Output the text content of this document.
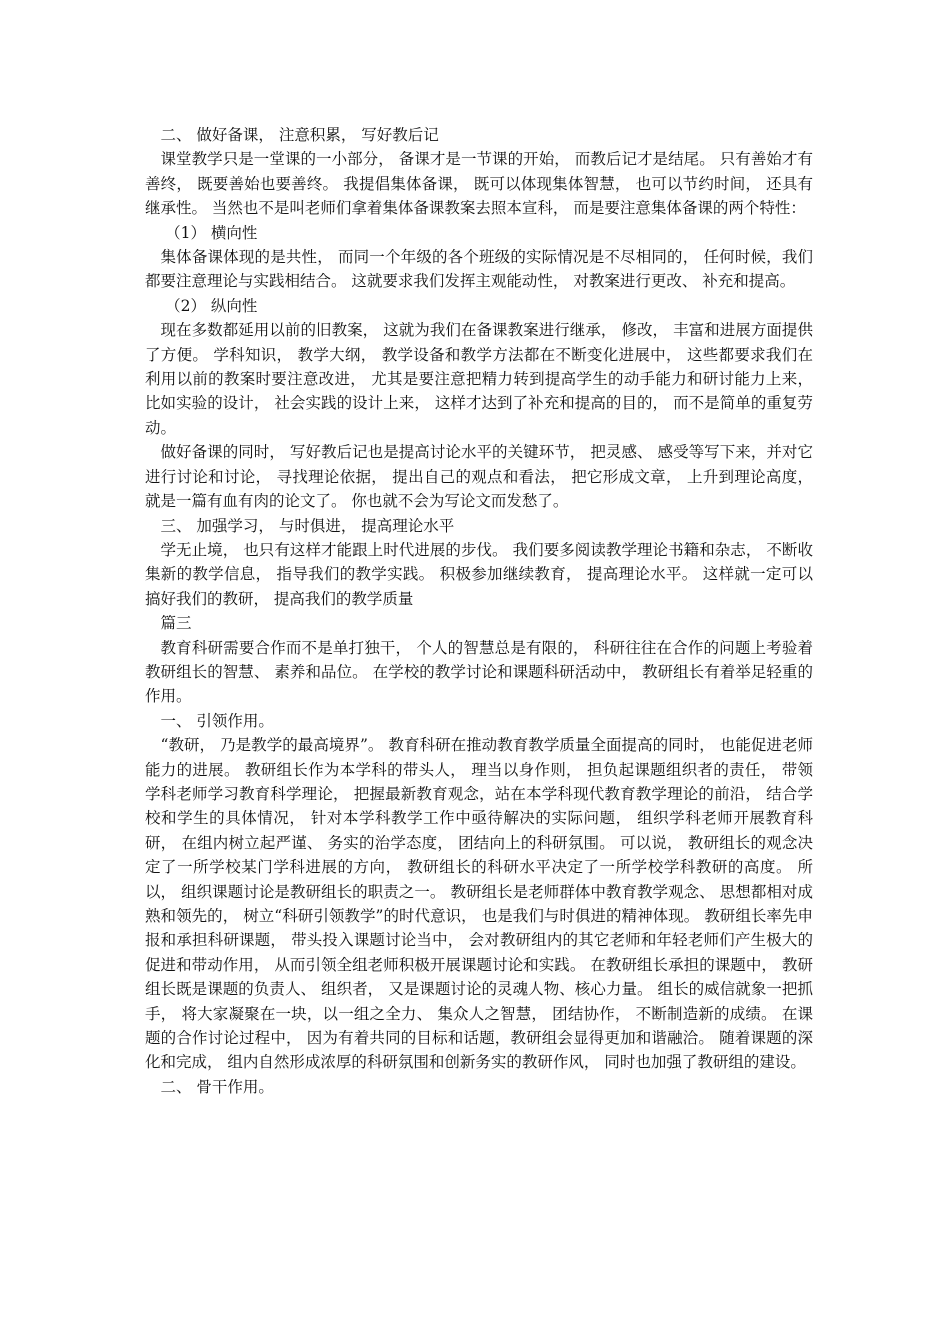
二、 做好备课， 注意积累， 写好教后记

课堂教学只是一堂课的一小部分， 备课才是一节课的开始， 而教后记才是结尾。 只有善始才有善终， 既要善始也要善终。 我提倡集体备课， 既可以体现集体智慧， 也可以节约时间， 还具有继承性。 当然也不是叫老师们拿着集体备课教案去照本宣科， 而是要注意集体备课的两个特性：

（1） 横向性

集体备课体现的是共性， 而同一个年级的各个班级的实际情况是不尽相同的， 任何时候，我们都要注意理论与实践相结合。 这就要求我们发挥主观能动性， 对教案进行更改、 补充和提高。

（2） 纵向性

现在多数都延用以前的旧教案， 这就为我们在备课教案进行继承， 修改， 丰富和进展方面提供了方便。 学科知识， 教学大纲， 教学设备和教学方法都在不断变化进展中， 这些都要求我们在利用以前的教案时要注意改进， 尤其是要注意把精力转到提高学生的动手能力和研讨能力上来， 比如实验的设计， 社会实践的设计上来， 这样才达到了补充和提高的目的， 而不是简单的重复劳动。

做好备课的同时， 写好教后记也是提高讨论水平的关键环节， 把灵感、 感受等写下来，并对它进行讨论和讨论， 寻找理论依据， 提出自己的观点和看法， 把它形成文章， 上升到理论高度， 就是一篇有血有肉的论文了。 你也就不会为写论文而发愁了。

三、 加强学习， 与时俱进， 提高理论水平

学无止境， 也只有这样才能跟上时代进展的步伐。 我们要多阅读教学理论书籍和杂志， 不断收集新的教学信息， 指导我们的教学实践。 积极参加继续教育， 提高理论水平。 这样就一定可以搞好我们的教研， 提高我们的教学质量

篇三

教育科研需要合作而不是单打独干， 个人的智慧总是有限的， 科研往往在合作的问题上考验着教研组长的智慧、 素养和品位。 在学校的教学讨论和课题科研活动中， 教研组长有着举足轻重的作用。

一、 引领作用。

“教研， 乃是教学的最高境界”。 教育科研在推动教育教学质量全面提高的同时， 也能促进老师能力的进展。 教研组长作为本学科的带头人， 理当以身作则， 担负起课题组织者的责任， 带领学科老师学习教育科学理论， 把握最新教育观念，站在本学科现代教育教学理论的前沿， 结合学校和学生的具体情况， 针对本学科教学工作中亟待解决的实际问题， 组织学科老师开展教育科研， 在组内树立起严谨、 务实的治学态度， 团结向上的科研氛围。 可以说， 教研组长的观念决定了一所学校某门学科进展的方向， 教研组长的科研水平决定了一所学校学科教研的高度。 所以， 组织课题讨论是教研组长的职责之一。 教研组长是老师群体中教育教学观念、 思想都相对成熟和领先的， 树立“科研引领教学”的时代意识， 也是我们与时俱进的精神体现。 教研组长率先申报和承担科研课题， 带头投入课题讨论当中， 会对教研组内的其它老师和年轻老师们产生极大的促进和带动作用， 从而引领全组老师积极开展课题讨论和实践。 在教研组长承担的课题中， 教研组长既是课题的负责人、 组织者， 又是课题讨论的灵魂人物、核心力量。 组长的威信就象一把抓手， 将大家凝聚在一块，以一组之全力、 集众人之智慧， 团结协作， 不断制造新的成绩。 在课题的合作讨论过程中， 因为有着共同的目标和话题，教研组会显得更加和谐融洽。 随着课题的深化和完成， 组内自然形成浓厚的科研氛围和创新务实的教研作风， 同时也加强了教研组的建设。

二、 骨干作用。
